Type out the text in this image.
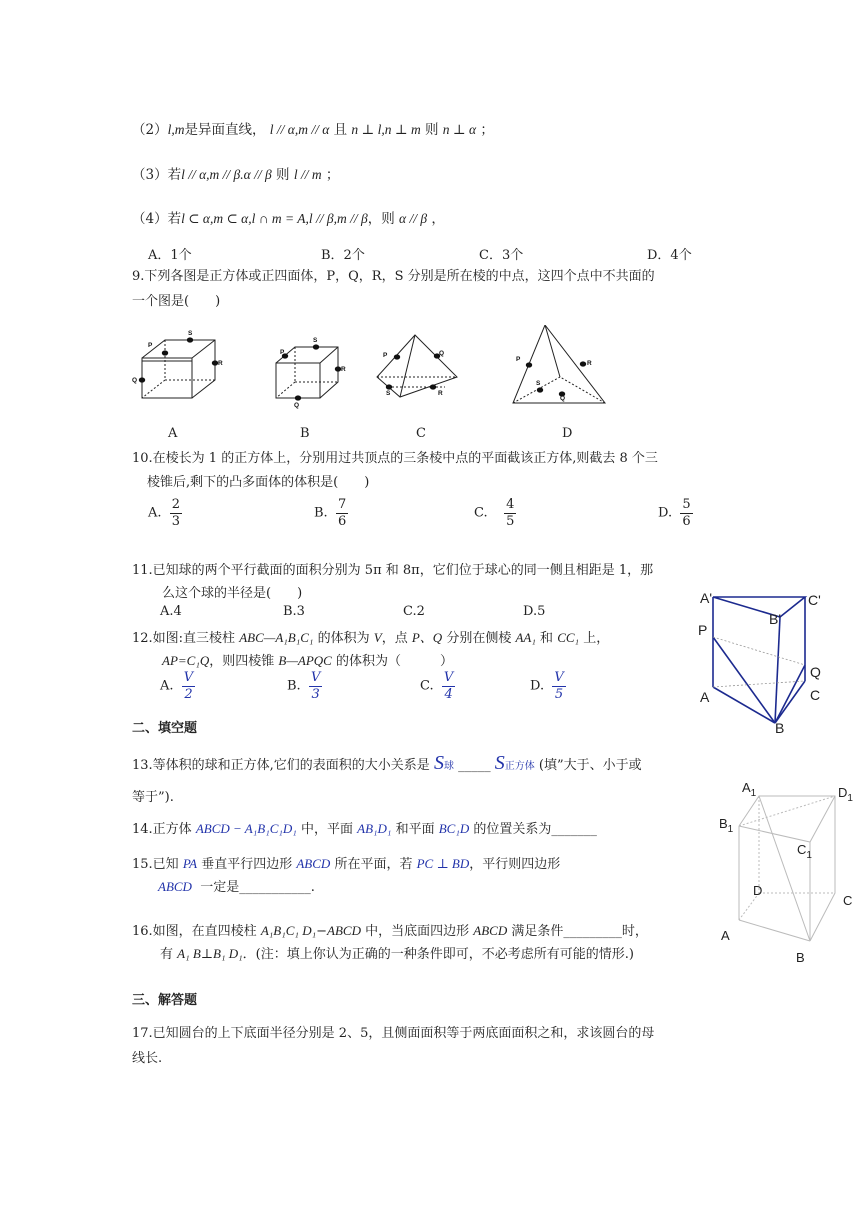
（2）l,m是异面直线， l // α,m // α 且 n ⊥ l,n ⊥ m 则 n ⊥ α ；
（3）若l // α,m // β.α // β 则 l // m ；
（4）若l ⊂ α,m ⊂ α,l ∩ m = A,l // β,m // β，则 α // β ，
A．1个	B．2个	C．3个	D．4个
9.下列各图是正方体或正四面体，P，Q，R，S 分别是所在棱的中点，这四个点中不共面的
一个图是(　　)
P
S
R
Q
P
S
R
Q
P	Q
S	R
P
R
S
Q
A	B	C	D
10.在棱长为 1 的正方体上，分别用过共顶点的三条棱中点的平面截该正方体,则截去 8 个三
棱锥后,剩下的凸多面体的体积是(　　)
A. $\frac{2}{3}$	B. $\frac{7}{6}$	C. $\frac{4}{5}$	D. $\frac{5}{6}$
11.已知球的两个平行截面的面积分别为 5π 和 8π，它们位于球心的同一侧且相距是 1，那
么这个球的半径是(　　)
A.4	B.3	C.2	D.5
12.如图:直三棱柱 ABC—A₁B₁C₁ 的体积为 V，点 P、Q 分别在侧棱 AA₁ 和 CC₁ 上，
AP=C₁Q，则四棱锥 B—APQC 的体积为（　　　）
A. $\frac{V}{2}$	B. $\frac{V}{3}$	C. $\frac{V}{4}$	D. $\frac{V}{5}$
A'	C'
B'
P
Q
A	C
B
二、填空题
13.等体积的球和正方体,它们的表面积的大小关系是 S球 _____ S正方体 (填”大于、小于或
等于”).
14.正方体 ABCD − A₁B₁C₁D₁ 中，平面 AB₁D₁ 和平面 BC₁D 的位置关系为_______
15.已知 PA 垂直平行四边形 ABCD 所在平面，若 PC ⊥ BD，平行则四边形
ABCD 一定是___________.
16.如图，在直四棱柱 A₁B₁C₁ D₁−ABCD 中，当底面四边形 ABCD 满足条件_________时，
有 A₁ B⊥B₁ D₁．(注：填上你认为正确的一种条件即可，不必考虑所有可能的情形.)
$A_1$	$D_1$
$B_1$
$C_1$
D
C
A
B
三、解答题
17.已知圆台的上下底面半径分别是 2、5，且侧面面积等于两底面面积之和，求该圆台的母
线长.
